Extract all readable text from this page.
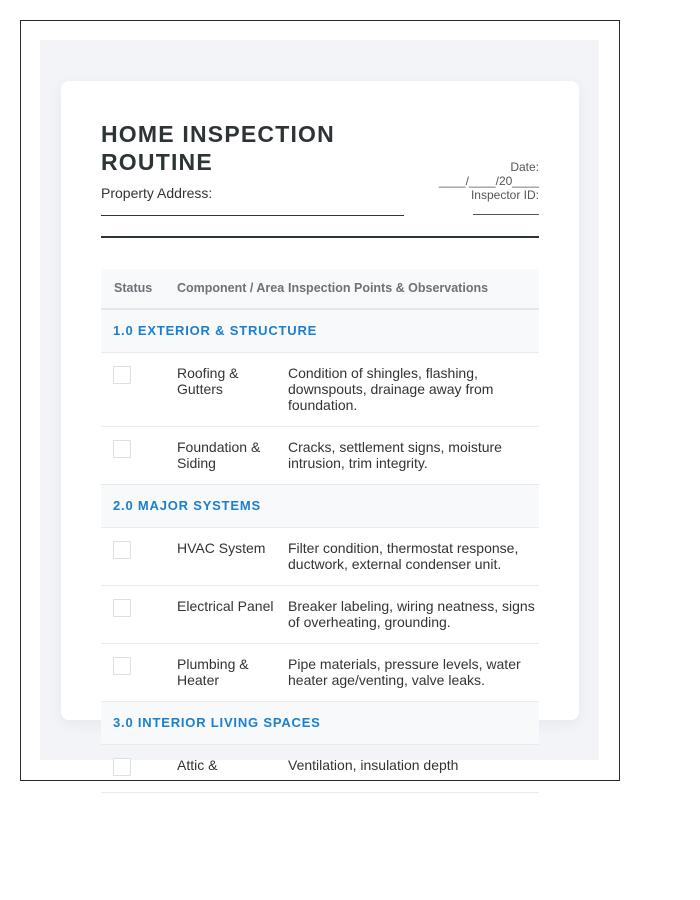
HOME INSPECTION ROUTINE
Property Address:
Date:
____/____/20____
Inspector ID:
Status	Component / Area	Inspection Points & Observations
1.0 EXTERIOR & STRUCTURE		
	Roofing & Gutters	Condition of shingles, flashing, downspouts, drainage away from foundation.
	Foundation & Siding	Cracks, settlement signs, moisture intrusion, trim integrity.
2.0 MAJOR SYSTEMS		
	HVAC System	Filter condition, thermostat response, ductwork, external condenser unit.
	Electrical Panel	Breaker labeling, wiring neatness, signs of overheating, grounding.
	Plumbing & Heater	Pipe materials, pressure levels, water heater age/venting, valve leaks.
3.0 INTERIOR LIVING SPACES		
	Attic &	Ventilation, insulation depth
